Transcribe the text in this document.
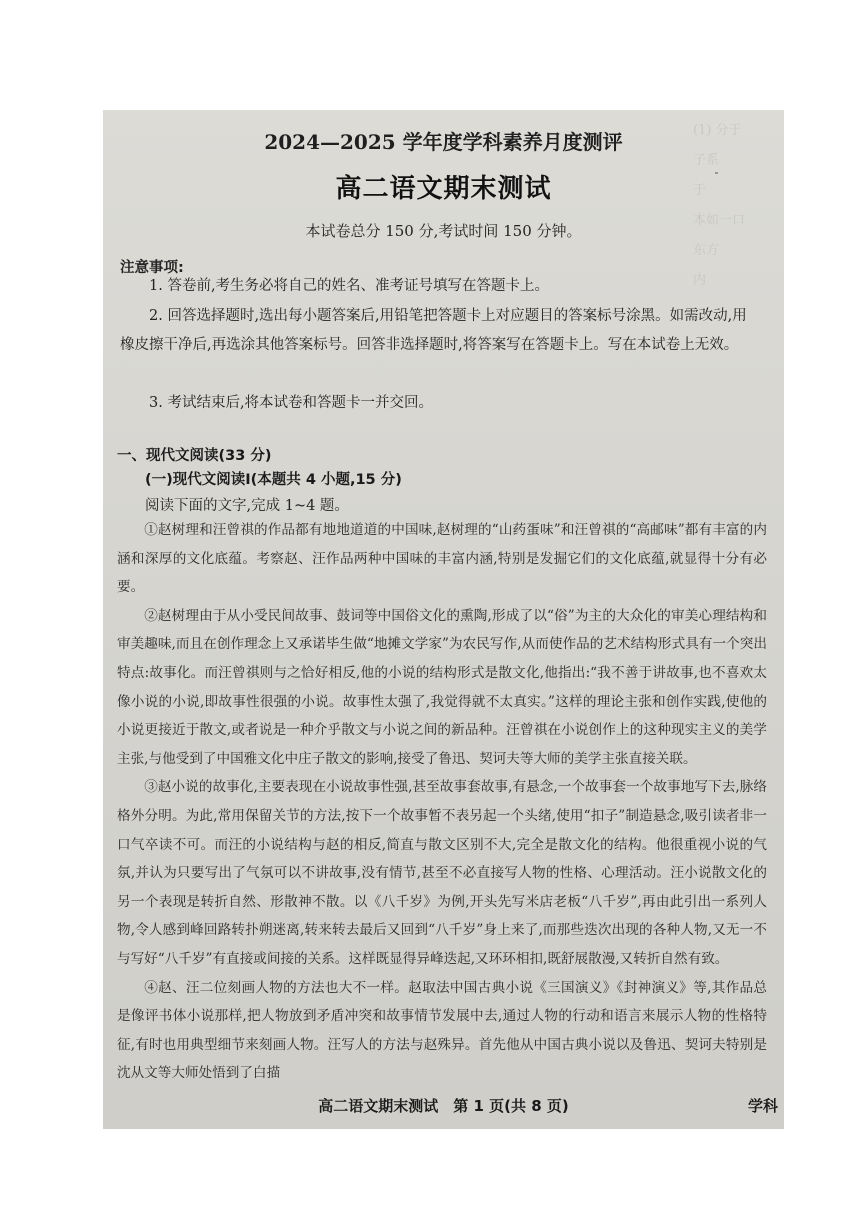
(1) 分于
子系
于
本如一口
东方
内

2024—2025 学年度学科素养月度测评
高二语文期末测试
本试卷总分 150 分,考试时间 150 分钟。
注意事项:

1. 答卷前,考生务必将自己的姓名、准考证号填写在答题卡上。

2. 回答选择题时,选出每小题答案后,用铅笔把答题卡上对应题目的答案标号涂黑。如需改动,用橡皮擦干净后,再选涂其他答案标号。回答非选择题时,将答案写在答题卡上。写在本试卷上无效。

3. 考试结束后,将本试卷和答题卡一并交回。

一、现代文阅读(33 分)
(一)现代文阅读Ⅰ(本题共 4 小题,15 分)
阅读下面的文字,完成 1~4 题。

①赵树理和汪曾祺的作品都有地地道道的中国味,赵树理的“山药蛋味”和汪曾祺的“高邮味”都有丰富的内涵和深厚的文化底蕴。考察赵、汪作品两种中国味的丰富内涵,特别是发掘它们的文化底蕴,就显得十分有必要。

②赵树理由于从小受民间故事、鼓词等中国俗文化的熏陶,形成了以“俗”为主的大众化的审美心理结构和审美趣味,而且在创作理念上又承诺毕生做“地摊文学家”为农民写作,从而使作品的艺术结构形式具有一个突出特点:故事化。而汪曾祺则与之恰好相反,他的小说的结构形式是散文化,他指出:“我不善于讲故事,也不喜欢太像小说的小说,即故事性很强的小说。故事性太强了,我觉得就不太真实。”这样的理论主张和创作实践,使他的小说更接近于散文,或者说是一种介乎散文与小说之间的新品种。汪曾祺在小说创作上的这种现实主义的美学主张,与他受到了中国雅文化中庄子散文的影响,接受了鲁迅、契诃夫等大师的美学主张直接关联。

③赵小说的故事化,主要表现在小说故事性强,甚至故事套故事,有悬念,一个故事套一个故事地写下去,脉络格外分明。为此,常用保留关节的方法,按下一个故事暂不表另起一个头绪,使用“扣子”制造悬念,吸引读者非一口气卒读不可。而汪的小说结构与赵的相反,简直与散文区别不大,完全是散文化的结构。他很重视小说的气氛,并认为只要写出了气氛可以不讲故事,没有情节,甚至不必直接写人物的性格、心理活动。汪小说散文化的另一个表现是转折自然、形散神不散。以《八千岁》为例,开头先写米店老板“八千岁”,再由此引出一系列人物,令人感到峰回路转扑朔迷离,转来转去最后又回到“八千岁”身上来了,而那些迭次出现的各种人物,又无一不与写好“八千岁”有直接或间接的关系。这样既显得异峰迭起,又环环相扣,既舒展散漫,又转折自然有致。

④赵、汪二位刻画人物的方法也大不一样。赵取法中国古典小说《三国演义》《封神演义》等,其作品总是像评书体小说那样,把人物放到矛盾冲突和故事情节发展中去,通过人物的行动和语言来展示人物的性格特征,有时也用典型细节来刻画人物。汪写人的方法与赵殊异。首先他从中国古典小说以及鲁迅、契诃夫特别是沈从文等大师处悟到了白描

高二语文期末测试　第 1 页(共 8 页)	学科
